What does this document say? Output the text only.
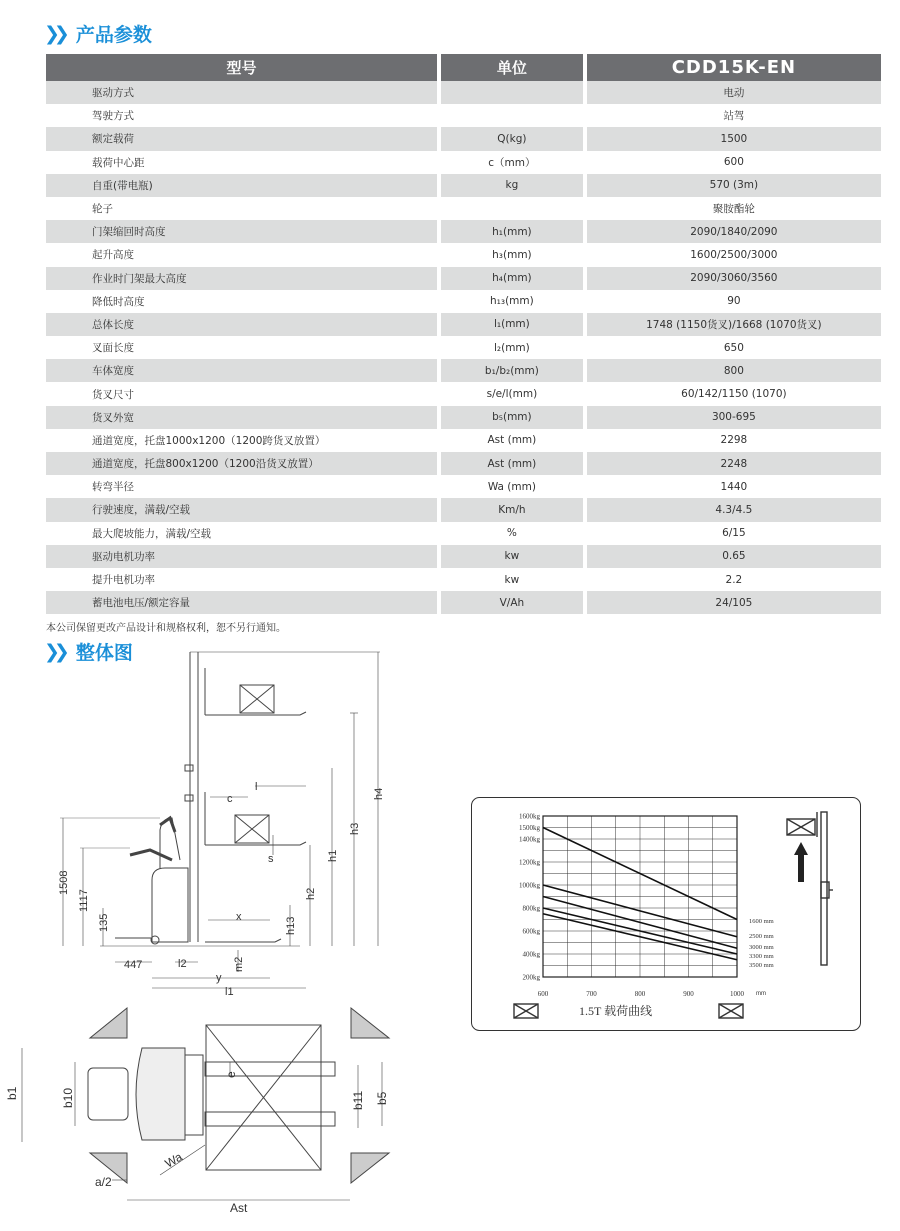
❯❯ 产品参数
型号	单位	CDD15K-EN
驱动方式		电动
驾驶方式		站驾
额定载荷	Q(kg)	1500
载荷中心距	c（mm）	600
自重(带电瓶)	kg	570 (3m)
轮子		聚胺酯轮
门架缩回时高度	h₁(mm)	2090/1840/2090
起升高度	h₃(mm)	1600/2500/3000
作业时门架最大高度	h₄(mm)	2090/3060/3560
降低时高度	h₁₃(mm)	90
总体长度	l₁(mm)	1748 (1150货叉)/1668 (1070货叉)
叉面长度	l₂(mm)	650
车体宽度	b₁/b₂(mm)	800
货叉尺寸	s/e/l(mm)	60/142/1150 (1070)
货叉外宽	b₅(mm)	300-695
通道宽度，托盘1000x1200（1200跨货叉放置）	Ast (mm)	2298
通道宽度，托盘800x1200（1200沿货叉放置）	Ast (mm)	2248
转弯半径	Wa (mm)	1440
行驶速度，满载/空载	Km/h	4.3/4.5
最大爬坡能力，满载/空载	%	6/15
驱动电机功率	kw	0.65
提升电机功率	kw	2.2
蓄电池电压/额定容量	V/Ah	24/105
本公司保留更改产品设计和规格权利，恕不另行通知。
❯❯ 整体图
h4
h3
h1
h2
h13
1508
1117
135
c
l
s
x
l2	m2
y
l1
447
b1	b10
e
b11 b5
Wa
a/2
Ast
1600kg
1500kg
1400kg
1200kg
1000kg
800kg
600kg
400kg
200kg
600	700	800	900	1000
1600 mm
2500 mm
3000 mm
3300 mm
3500 mm
1.5T 载荷曲线
mm
